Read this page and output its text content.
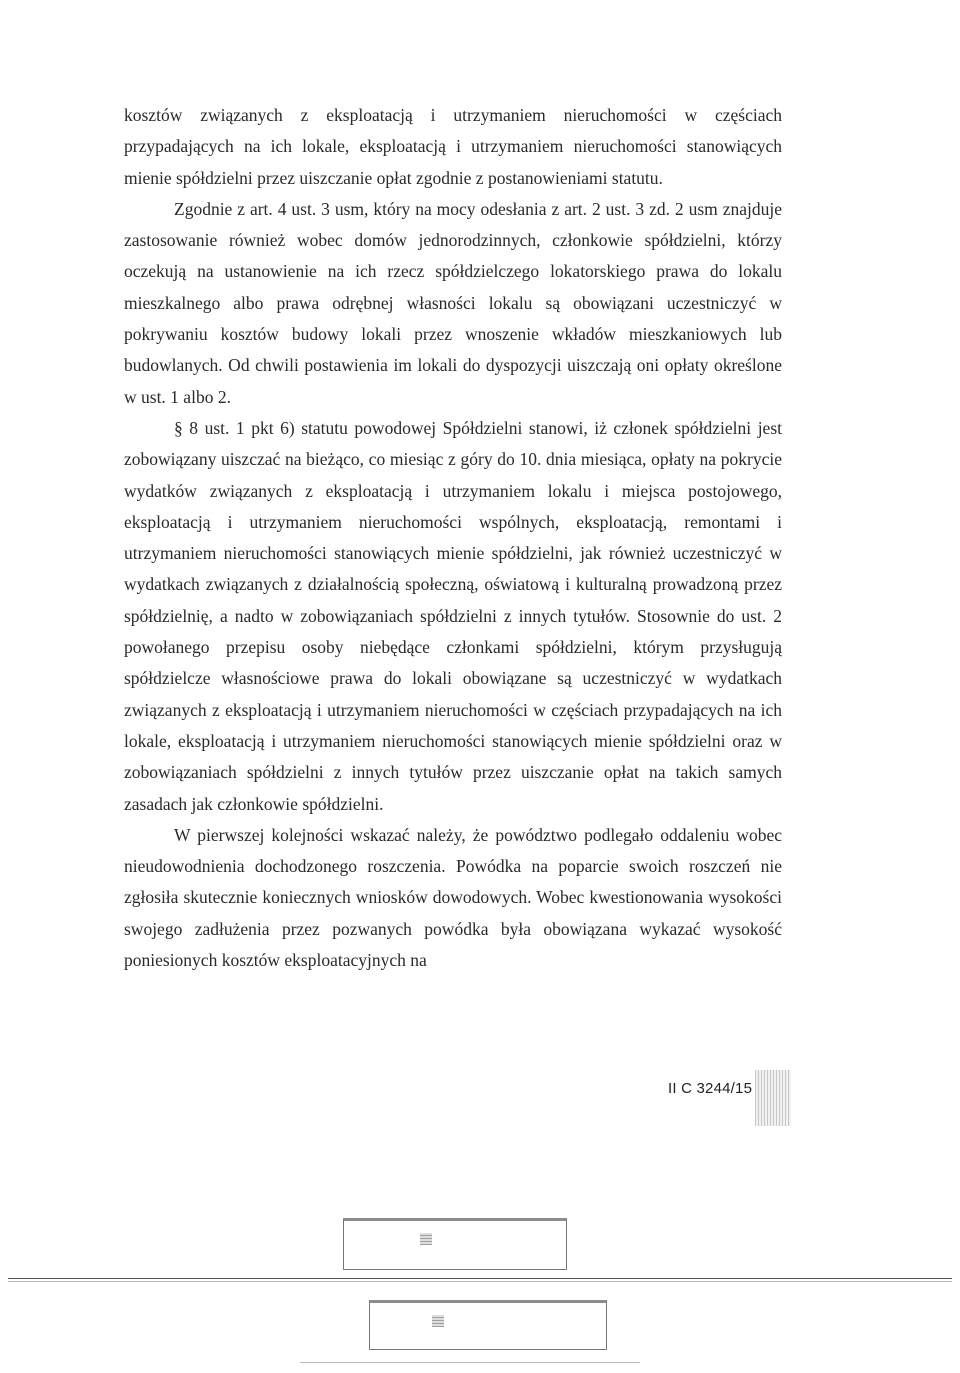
kosztów związanych z eksploatacją i utrzymaniem nieruchomości w częściach przypadających na ich lokale, eksploatacją i utrzymaniem nieruchomości stanowiących mienie spółdzielni przez uiszczanie opłat zgodnie z postanowieniami statutu.

Zgodnie z art. 4 ust. 3 usm, który na mocy odesłania z art. 2 ust. 3 zd. 2 usm znajduje zastosowanie również wobec domów jednorodzinnych, członkowie spółdzielni, którzy oczekują na ustanowienie na ich rzecz spółdzielczego lokatorskiego prawa do lokalu mieszkalnego albo prawa odrębnej własności lokalu są obowiązani uczestniczyć w pokrywaniu kosztów budowy lokali przez wnoszenie wkładów mieszkaniowych lub budowlanych. Od chwili postawienia im lokali do dyspozycji uiszczają oni opłaty określone w ust. 1 albo 2.

§ 8 ust. 1 pkt 6) statutu powodowej Spółdzielni stanowi, iż członek spółdzielni jest zobowiązany uiszczać na bieżąco, co miesiąc z góry do 10. dnia miesiąca, opłaty na pokrycie wydatków związanych z eksploatacją i utrzymaniem lokalu i miejsca postojowego, eksploatacją i utrzymaniem nieruchomości wspólnych, eksploatacją, remontami i utrzymaniem nieruchomości stanowiących mienie spółdzielni, jak również uczestniczyć w wydatkach związanych z działalnością społeczną, oświatową i kulturalną prowadzoną przez spółdzielnię, a nadto w zobowiązaniach spółdzielni z innych tytułów. Stosownie do ust. 2 powołanego przepisu osoby niebędące członkami spółdzielni, którym przysługują spółdzielcze własnościowe prawa do lokali obowiązane są uczestniczyć w wydatkach związanych z eksploatacją i utrzymaniem nieruchomości w częściach przypadających na ich lokale, eksploatacją i utrzymaniem nieruchomości stanowiących mienie spółdzielni oraz w zobowiązaniach spółdzielni z innych tytułów przez uiszczanie opłat na takich samych zasadach jak członkowie spółdzielni.

W pierwszej kolejności wskazać należy, że powództwo podlegało oddaleniu wobec nieudowodnienia dochodzonego roszczenia. Powódka na poparcie swoich roszczeń nie zgłosiła skutecznie koniecznych wniosków dowodowych. Wobec kwestionowania wysokości swojego zadłużenia przez pozwanych powódka była obowiązana wykazać wysokość poniesionych kosztów eksploatacyjnych na

II C 3244/15
